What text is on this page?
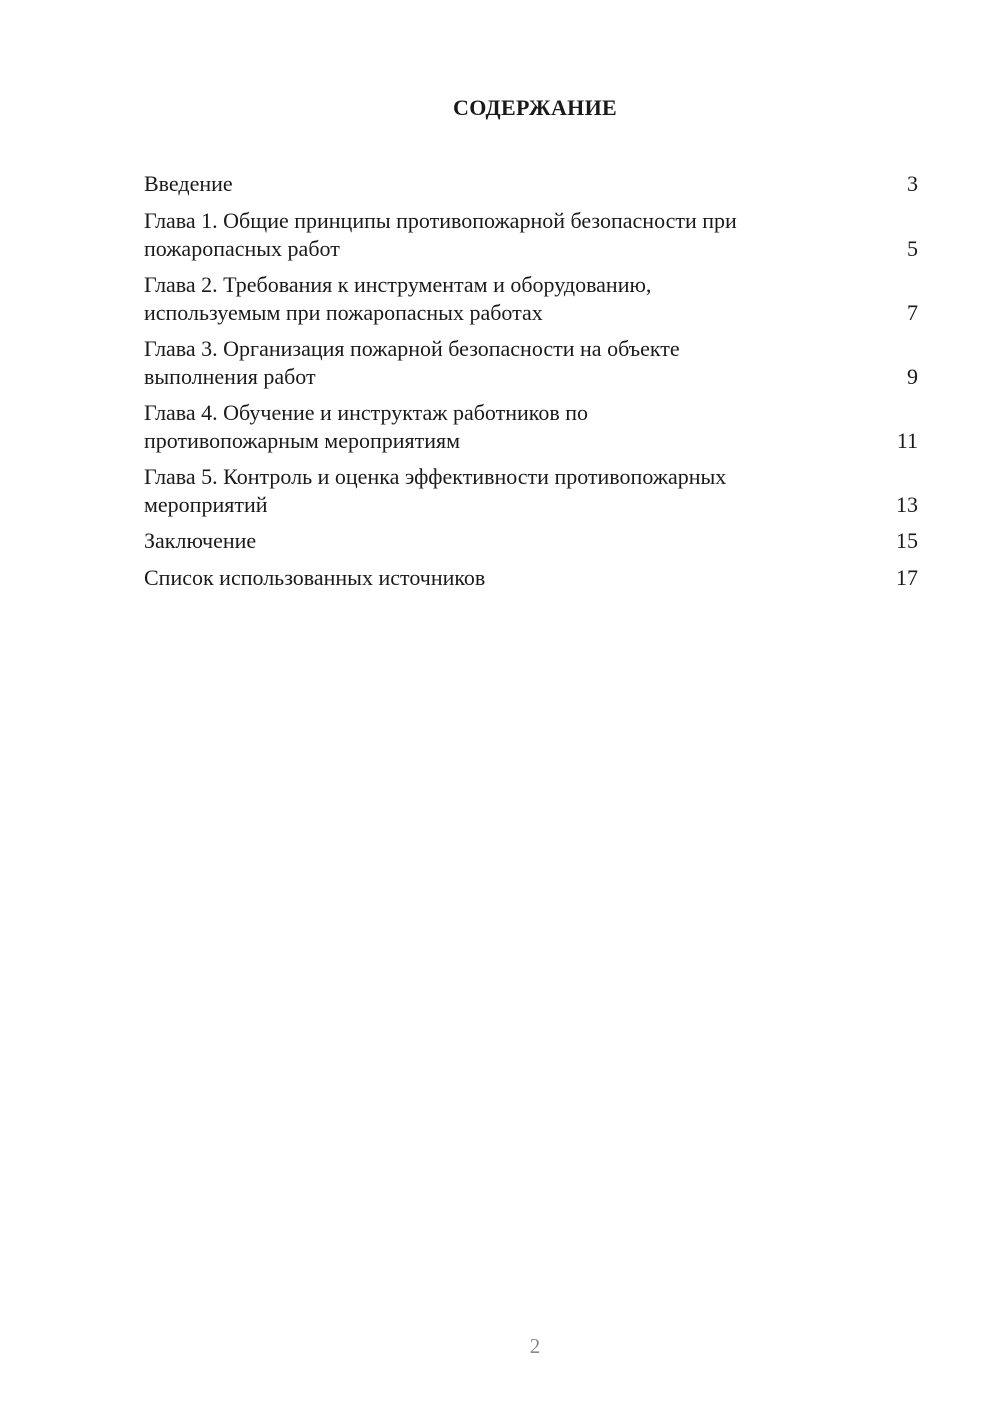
СОДЕРЖАНИЕ
Введение	3
Глава 1. Общие принципы противопожарной безопасности при
пожаропасных работ	5
Глава 2. Требования к инструментам и оборудованию,
используемым при пожаропасных работах	7
Глава 3. Организация пожарной безопасности на объекте
выполнения работ	9
Глава 4. Обучение и инструктаж работников по
противопожарным мероприятиям	11
Глава 5. Контроль и оценка эффективности противопожарных
мероприятий	13
Заключение	15
Список использованных источников	17
2
